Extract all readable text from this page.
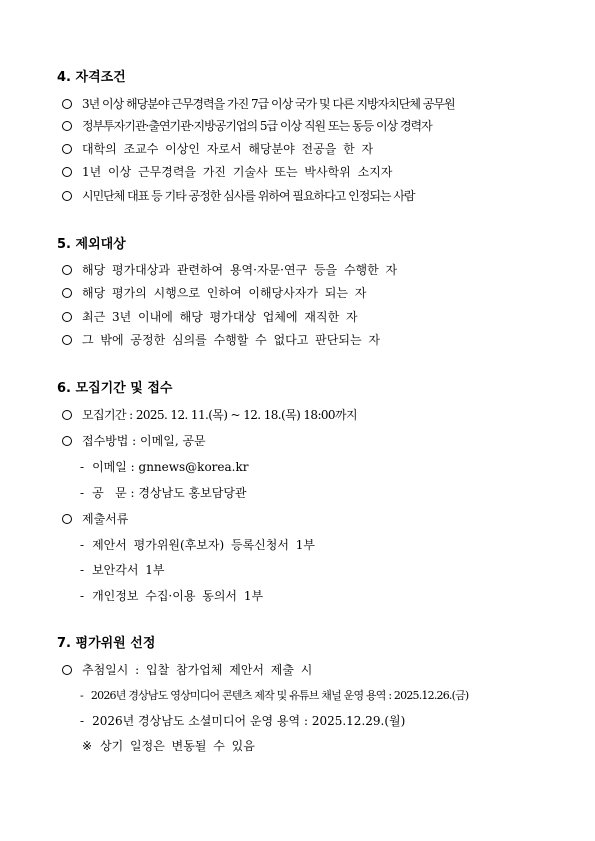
4. 자격조건
3년 이상 해당분야 근무경력을 가진 7급 이상 국가 및 다른 지방자치단체 공무원
정부투자기관·출연기관·지방공기업의 5급 이상 직원 또는 동등 이상 경력자
대학의 조교수 이상인 자로서 해당분야 전공을 한 자
1년 이상 근무경력을 가진 기술사 또는 박사학위 소지자
시민단체 대표 등 기타 공정한 심사를 위하여 필요하다고 인정되는 사람
5. 제외대상
해당 평가대상과 관련하여 용역·자문·연구 등을 수행한 자
해당 평가의 시행으로 인하여 이해당사자가 되는 자
최근 3년 이내에 해당 평가대상 업체에 재직한 자
그 밖에 공정한 심의를 수행할 수 없다고 판단되는 자
6. 모집기간 및 접수
모집기간 : 2025. 12. 11.(목) ~ 12. 18.(목) 18:00까지
접수방법 : 이메일, 공문
- 이메일 : gnnews@korea.kr
- 공   문 : 경상남도 홍보담당관
제출서류
- 제안서 평가위원(후보자) 등록신청서 1부
- 보안각서 1부
- 개인정보 수집·이용 동의서 1부
7. 평가위원 선정
추첨일시 : 입찰 참가업체 제안서 제출 시
- 2026년 경상남도 영상미디어 콘텐츠 제작 및 유튜브 채널 운영 용역 : 2025.12.26.(금)
- 2026년 경상남도 소셜미디어 운영 용역 : 2025.12.29.(월)
※ 상기 일정은 변동될 수 있음
